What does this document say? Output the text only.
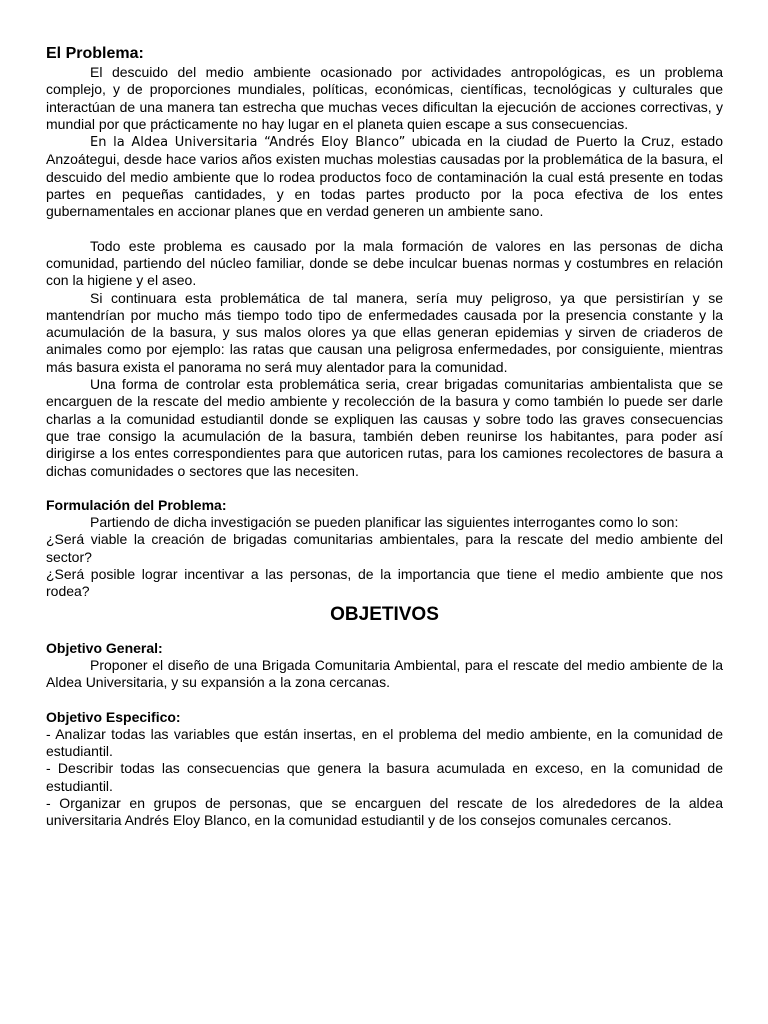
El Problema:

El descuido del medio ambiente ocasionado por actividades antropológicas, es un problema complejo, y de proporciones mundiales, políticas, económicas, científicas, tecnológicas y culturales que interactúan de una manera tan estrecha que muchas veces dificultan la ejecución de acciones correctivas, y mundial por que prácticamente no hay lugar en el planeta quien escape a sus consecuencias.

En la Aldea Universitaria “Andrés Eloy Blanco” ubicada en la ciudad de Puerto la Cruz, estado Anzoátegui, desde hace varios años existen muchas molestias causadas por la problemática de la basura, el descuido del medio ambiente que lo rodea productos foco de contaminación la cual está presente en todas partes en pequeñas cantidades, y en todas partes producto por la poca efectiva de los entes gubernamentales en accionar planes que en verdad generen un ambiente sano.

Todo este problema es causado por la mala formación de valores en las personas de dicha comunidad, partiendo del núcleo familiar, donde se debe inculcar buenas normas y costumbres en relación con la higiene y el aseo.

Si continuara esta problemática de tal manera, sería muy peligroso, ya que persistirían y se mantendrían por mucho más tiempo todo tipo de enfermedades causada por la presencia constante y la acumulación de la basura, y sus malos olores ya que ellas generan epidemias y sirven de criaderos de animales como por ejemplo: las ratas que causan una peligrosa enfermedades, por consiguiente, mientras más basura exista el panorama no será muy alentador para la comunidad.

Una forma de controlar esta problemática seria, crear brigadas comunitarias ambientalista que se encarguen de la rescate del medio ambiente y recolección de la basura y como también lo puede ser darle charlas a la comunidad estudiantil donde se expliquen las causas y sobre todo las graves consecuencias que trae consigo la acumulación de la basura, también deben reunirse los habitantes, para poder así dirigirse a los entes correspondientes para que autoricen rutas, para los camiones recolectores de basura a dichas comunidades o sectores que las necesiten.

Formulación del Problema:

Partiendo de dicha investigación se pueden planificar las siguientes interrogantes como lo son:

¿Será viable la creación de brigadas comunitarias ambientales, para la rescate del medio ambiente del sector?

¿Será posible lograr incentivar a las personas, de la importancia que tiene el medio ambiente que nos rodea?

OBJETIVOS
Objetivo General:

Proponer el diseño de una Brigada Comunitaria Ambiental, para el rescate del medio ambiente de la Aldea Universitaria, y su expansión a la zona cercanas.

Objetivo Especifico:

- Analizar todas las variables que están insertas, en el problema del medio ambiente, en la comunidad de estudiantil.

- Describir todas las consecuencias que genera la basura acumulada en exceso, en la comunidad de estudiantil.

- Organizar en grupos de personas, que se encarguen del rescate de los alrededores de la aldea universitaria Andrés Eloy Blanco, en la comunidad estudiantil y de los consejos comunales cercanos.
